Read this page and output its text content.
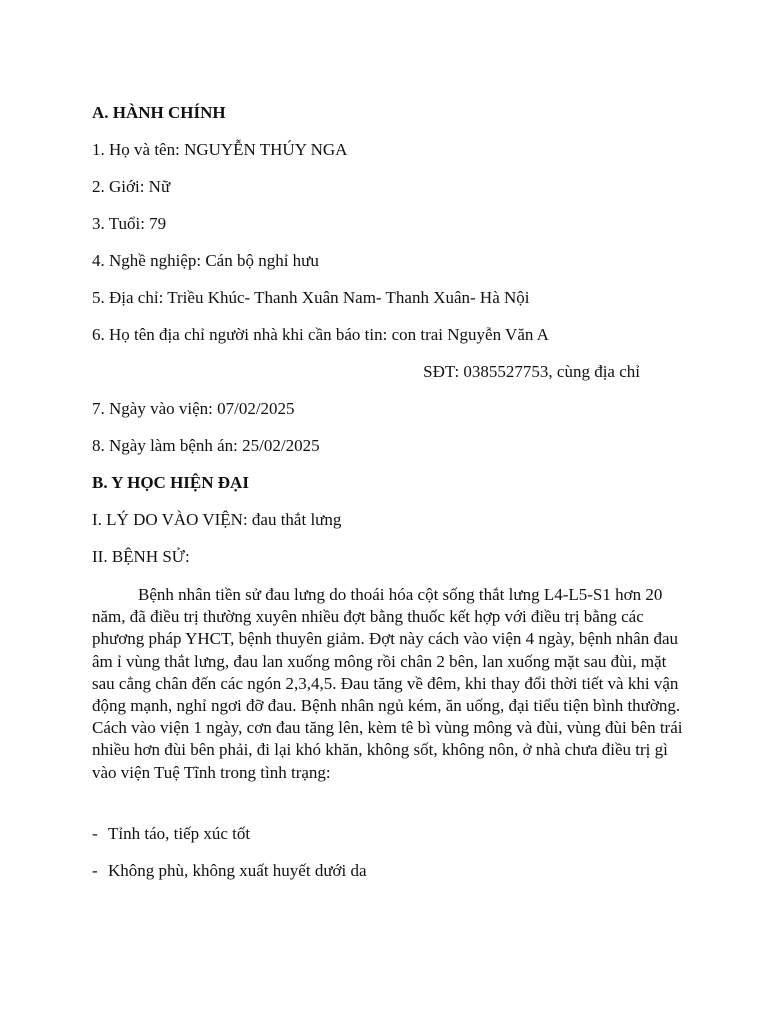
A. HÀNH CHÍNH
1. Họ và tên: NGUYỄN THÚY NGA
2. Giới: Nữ
3. Tuổi: 79
4. Nghề nghiệp: Cán bộ nghỉ hưu
5. Địa chỉ: Triều Khúc- Thanh Xuân Nam- Thanh Xuân- Hà Nội
6. Họ tên địa chỉ người nhà khi cần báo tin: con trai Nguyễn Văn A
SĐT: 0385527753, cùng địa chỉ
7. Ngày vào viện: 07/02/2025
8. Ngày làm bệnh án: 25/02/2025
B. Y HỌC HIỆN ĐẠI
I. LÝ DO VÀO VIỆN: đau thắt lưng
II. BỆNH SỬ:
Bệnh nhân tiền sử đau lưng do thoái hóa cột sống thắt lưng L4-L5-S1 hơn 20 năm, đã điều trị thường xuyên nhiều đợt bằng thuốc kết hợp với điều trị bằng các phương pháp YHCT, bệnh thuyên giảm. Đợt này cách vào viện 4 ngày, bệnh nhân đau âm ỉ vùng thắt lưng, đau lan xuống mông rồi chân 2 bên, lan xuống mặt sau đùi, mặt sau cẳng chân đến các ngón 2,3,4,5. Đau tăng về đêm, khi thay đổi thời tiết và khi vận động mạnh, nghỉ ngơi đỡ đau. Bệnh nhân ngủ kém, ăn uống, đại tiểu tiện bình thường. Cách vào viện 1 ngày, cơn đau tăng lên, kèm tê bì vùng mông và đùi, vùng đùi bên trái nhiều hơn đùi bên phải, đi lại khó khăn, không sốt, không nôn, ở nhà chưa điều trị gì vào viện Tuệ Tĩnh trong tình trạng:
- Tỉnh táo, tiếp xúc tốt
- Không phù, không xuất huyết dưới da
